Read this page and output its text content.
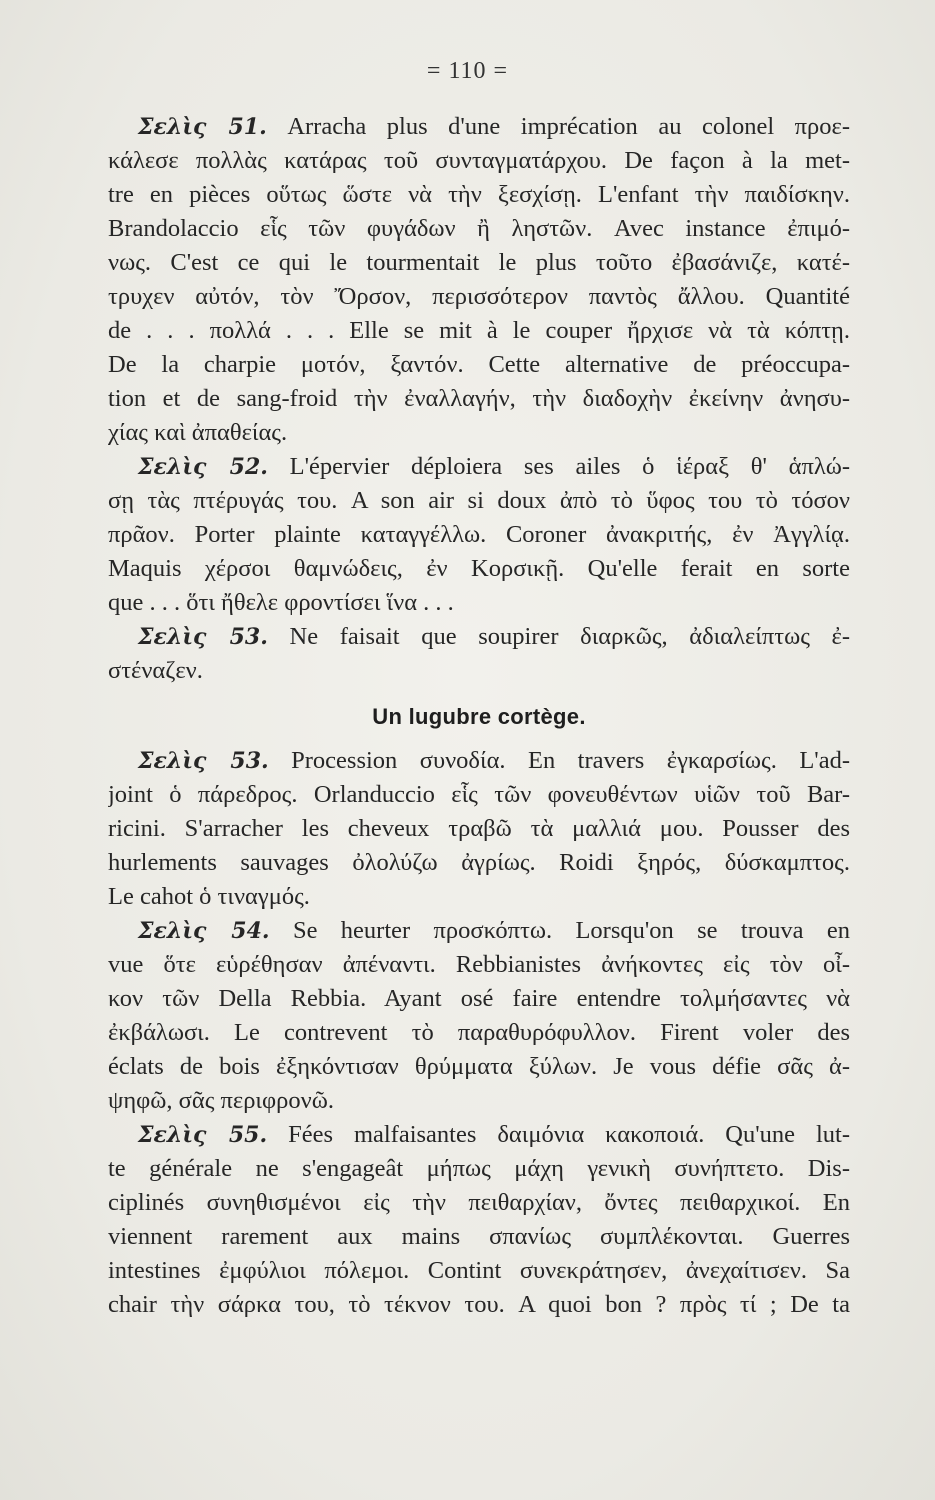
= 110 =
Σελὶς 51. Arracha plus d'une imprécation au colonel προε-
κάλεσε πολλὰς κατάρας τοῦ συνταγματάρχου. De façon à la met-
tre en pièces οὕτως ὥστε νὰ τὴν ξεσχίσῃ. L'enfant τὴν παιδίσκην.
Brandolaccio εἷς τῶν φυγάδων ἢ ληστῶν. Avec instance ἐπιμό-
νως. C'est ce qui le tourmentait le plus τοῦτο ἐβασάνιζε, κατέ-
τρυχεν αὐτόν, τὸν Ὄρσον, περισσότερον παντὸς ἄλλου. Quantité
de . . . πολλά . . . Elle se mit à le couper ἤρχισε νὰ τὰ κόπτῃ.
De la charpie μοτόν, ξαντόν. Cette alternative de préoccupa-
tion et de sang-froid τὴν ἐναλλαγήν, τὴν διαδοχὴν ἐκείνην ἀνησυ-
χίας καὶ ἀπαθείας.
Σελὶς 52. L'épervier déploiera ses ailes ὁ ἱέραξ θ' ἁπλώ-
σῃ τὰς πτέρυγάς του. A son air si doux ἀπὸ τὸ ὕφος του τὸ τόσον
πρᾶον. Porter plainte καταγγέλλω. Coroner ἀνακριτής, ἐν Ἀγγλίᾳ.
Maquis χέρσοι θαμνώδεις, ἐν Κορσικῇ. Qu'elle ferait en sorte
que . . . ὅτι ἤθελε φροντίσει ἵνα . . .
Σελὶς 53. Ne faisait que soupirer διαρκῶς, ἀδιαλείπτως ἐ-
στέναζεν.
Un lugubre cortège.
Σελὶς 53. Procession συνοδία. En travers ἐγκαρσίως. L'ad-
joint ὁ πάρεδρος. Orlanduccio εἷς τῶν φονευθέντων υἱῶν τοῦ Bar-
ricini. S'arracher les cheveux τραβῶ τὰ μαλλιά μου. Pousser des
hurlements sauvages ὀλολύζω ἀγρίως. Roidi ξηρός, δύσκαμπτος.
Le cahot ὁ τιναγμός.
Σελὶς 54. Se heurter προσκόπτω. Lorsqu'on se trouva en
vue ὅτε εὑρέθησαν ἀπέναντι. Rebbianistes ἀνήκοντες εἰς τὸν οἶ-
κον τῶν Della Rebbia. Ayant osé faire entendre τολμήσαντες νὰ
ἐκβάλωσι. Le contrevent τὸ παραθυρόφυλλον. Firent voler des
éclats de bois ἐξηκόντισαν θρύμματα ξύλων. Je vous défie σᾶς ἀ-
ψηφῶ, σᾶς περιφρονῶ.
Σελὶς 55. Fées malfaisantes δαιμόνια κακοποιά. Qu'une lut-
te générale ne s'engageât μήπως μάχη γενικὴ συνήπτετο. Dis-
ciplinés συνηθισμένοι εἰς τὴν πειθαρχίαν, ὄντες πειθαρχικοί. En
viennent rarement aux mains σπανίως συμπλέκονται. Guerres
intestines ἐμφύλιοι πόλεμοι. Contint συνεκράτησεν, ἀνεχαίτισεν. Sa
chair τὴν σάρκα του, τὸ τέκνον του. A quoi bon ? πρὸς τί ; De ta
